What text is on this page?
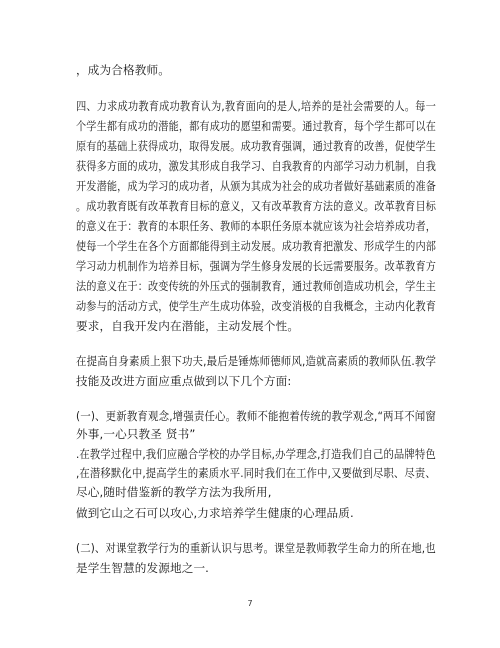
，成为合格教师。
四、力求成功教育成功教育认为,教育面向的是人,培养的是社会需要的人。每一
个学生都有成功的潜能，都有成功的愿望和需要。通过教育，每个学生都可以在
原有的基础上获得成功，取得发展。成功教育强调，通过教育的改善，促使学生
获得多方面的成功，激发其形成自我学习、自我教育的内部学习动力机制，自我
开发潜能，成为学习的成功者，从颁为其成为社会的成功者做好基础素质的准备
。成功教育既有改革教育目标的意义，又有改革教育方法的意义。改革教育目标
的意义在于：教育的本职任务、教师的本职任务原本就应该为社会培养成功者，
使每一个学生在各个方面都能得到主动发展。成功教育把激发、形成学生的内部
学习动力机制作为培养目标，强调为学生修身发展的长远需要服务。改革教育方
法的意义在于：改变传统的外压式的强制教育，通过教师创造成功机会，学生主
动参与的活动方式，使学生产生成功体验，改变消极的自我概念，主动内化教育
要求，自我开发内在潜能，主动发展个性。
在提高自身素质上狠下功夫,最后是锤炼师德师风,造就高素质的教师队伍.教学
技能及改进方面应重点做到以下几个方面:
(一)、更新教育观念,增强责任心。教师不能抱着传统的教学观念,“两耳不闻窗
外事,一心只教圣 贤书”
.在教学过程中,我们应融合学校的办学目标,办学理念,打造我们自己的品牌特色
,在潜移默化中,提高学生的素质水平.同时我们在工作中,又要做到尽职、尽责、
尽心,随时借鉴新的教学方法为我所用,
做到它山之石可以攻心,力求培养学生健康的心理品质.
(二)、对课堂教学行为的重新认识与思考。课堂是教师教学生命力的所在地,也
是学生智慧的发源地之一.
7
